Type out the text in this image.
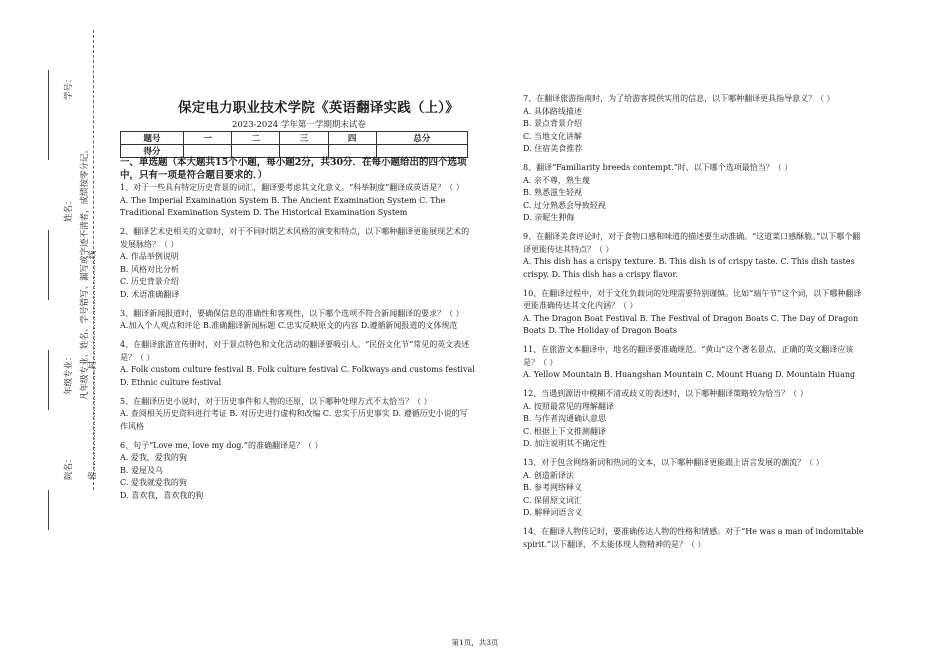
学号：
姓名：
年级专业：
院名：
凡年级专业、姓名、学号错写、漏写或字迹不清者，成绩按零分记。
密………………………………封………………………………线
保定电力职业技术学院《英语翻译实践（上）》
2023-2024 学年第一学期期末试卷
题号	一	二	三	四	总分
得分					
一、单选题（本大题共15个小题，每小题2分，共30分．在每小题给出的四个选项中，只有一项是符合题目要求的．）
1、对于一些具有特定历史背景的词汇，翻译要考虑其文化意义。“科举制度”翻译成英语是？（ ）
A. The Imperial Examination System B. The Ancient Examination System C. The Traditional Examination System D. The Historical Examination System
2、翻译艺术史相关的文章时，对于不同时期艺术风格的演变和特点，以下哪种翻译更能展现艺术的发展脉络？（ ）
A. 作品举例说明
B. 风格对比分析
C. 历史背景介绍
D. 术语准确翻译
3、翻译新闻报道时，要确保信息的准确性和客观性，以下哪个选项不符合新闻翻译的要求？（ ）
A.加入个人观点和评论 B.准确翻译新闻标题 C.忠实反映原文的内容 D.遵循新闻报道的文体规范
4、在翻译旅游宣传册时，对于景点特色和文化活动的翻译要吸引人。“民俗文化节”常见的英文表述是？（ ）
A. Folk custom culture festival B. Folk culture festival C. Folkways and customs festival D. Ethnic culture festival
5、在翻译历史小说时，对于历史事件和人物的还原，以下哪种处理方式不太恰当？（ ）
A. 查阅相关历史资料进行考证 B. 对历史进行虚构和改编 C. 忠实于历史事实 D. 遵循历史小说的写作风格
6、句子“Love me, love my dog.”的准确翻译是？（ ）
A. 爱我，爱我的狗
B. 爱屋及乌
C. 爱我就爱我的狗
D. 喜欢我，喜欢我的狗
7、在翻译旅游指南时，为了给游客提供实用的信息，以下哪种翻译更具指导意义？（ ）
A. 具体路线描述
B. 景点背景介绍
C. 当地文化讲解
D. 住宿美食推荐
8、翻译“Familiarity breeds contempt.”时，以下哪个选项最恰当？（ ）
A. 亲不尊，熟生蔑
B. 熟悉滋生轻视
C. 过分熟悉会导致轻视
D. 亲昵生狎侮
9、在翻译美食评论时，对于食物口感和味道的描述要生动准确。“这道菜口感酥脆。”以下哪个翻译更能传达其特点？（ ）
A. This dish has a crispy texture. B. This dish is of crispy taste. C. This dish tastes crispy. D. This dish has a crispy flavor.
10、在翻译过程中，对于文化负载词的处理需要特别谨慎。比如“端午节”这个词，以下哪种翻译更能准确传达其文化内涵？（ ）
A. The Dragon Boat Festival B. The Festival of Dragon Boats C. The Day of Dragon Boats D. The Holiday of Dragon Boats
11、在旅游文本翻译中，地名的翻译要准确规范。“黄山”这个著名景点，正确的英文翻译应该是？（ ）
A. Yellow Mountain B. Huangshan Mountain C. Mount Huang D. Mountain Huang
12、当遇到源语中模糊不清或歧义的表述时，以下哪种翻译策略较为恰当？（ ）
A. 按照最常见的理解翻译
B. 与作者沟通确认意思
C. 根据上下文推测翻译
D. 加注说明其不确定性
13、对于包含网络新词和热词的文本，以下哪种翻译更能跟上语言发展的潮流？（ ）
A. 创造新译法
B. 参考网络释义
C. 保留原文词汇
D. 解释词语含义
14、在翻译人物传记时，要准确传达人物的性格和情感。对于“He was a man of indomitable spirit.”以下翻译，不太能体现人物精神的是？（ ）
第1页，共3页
